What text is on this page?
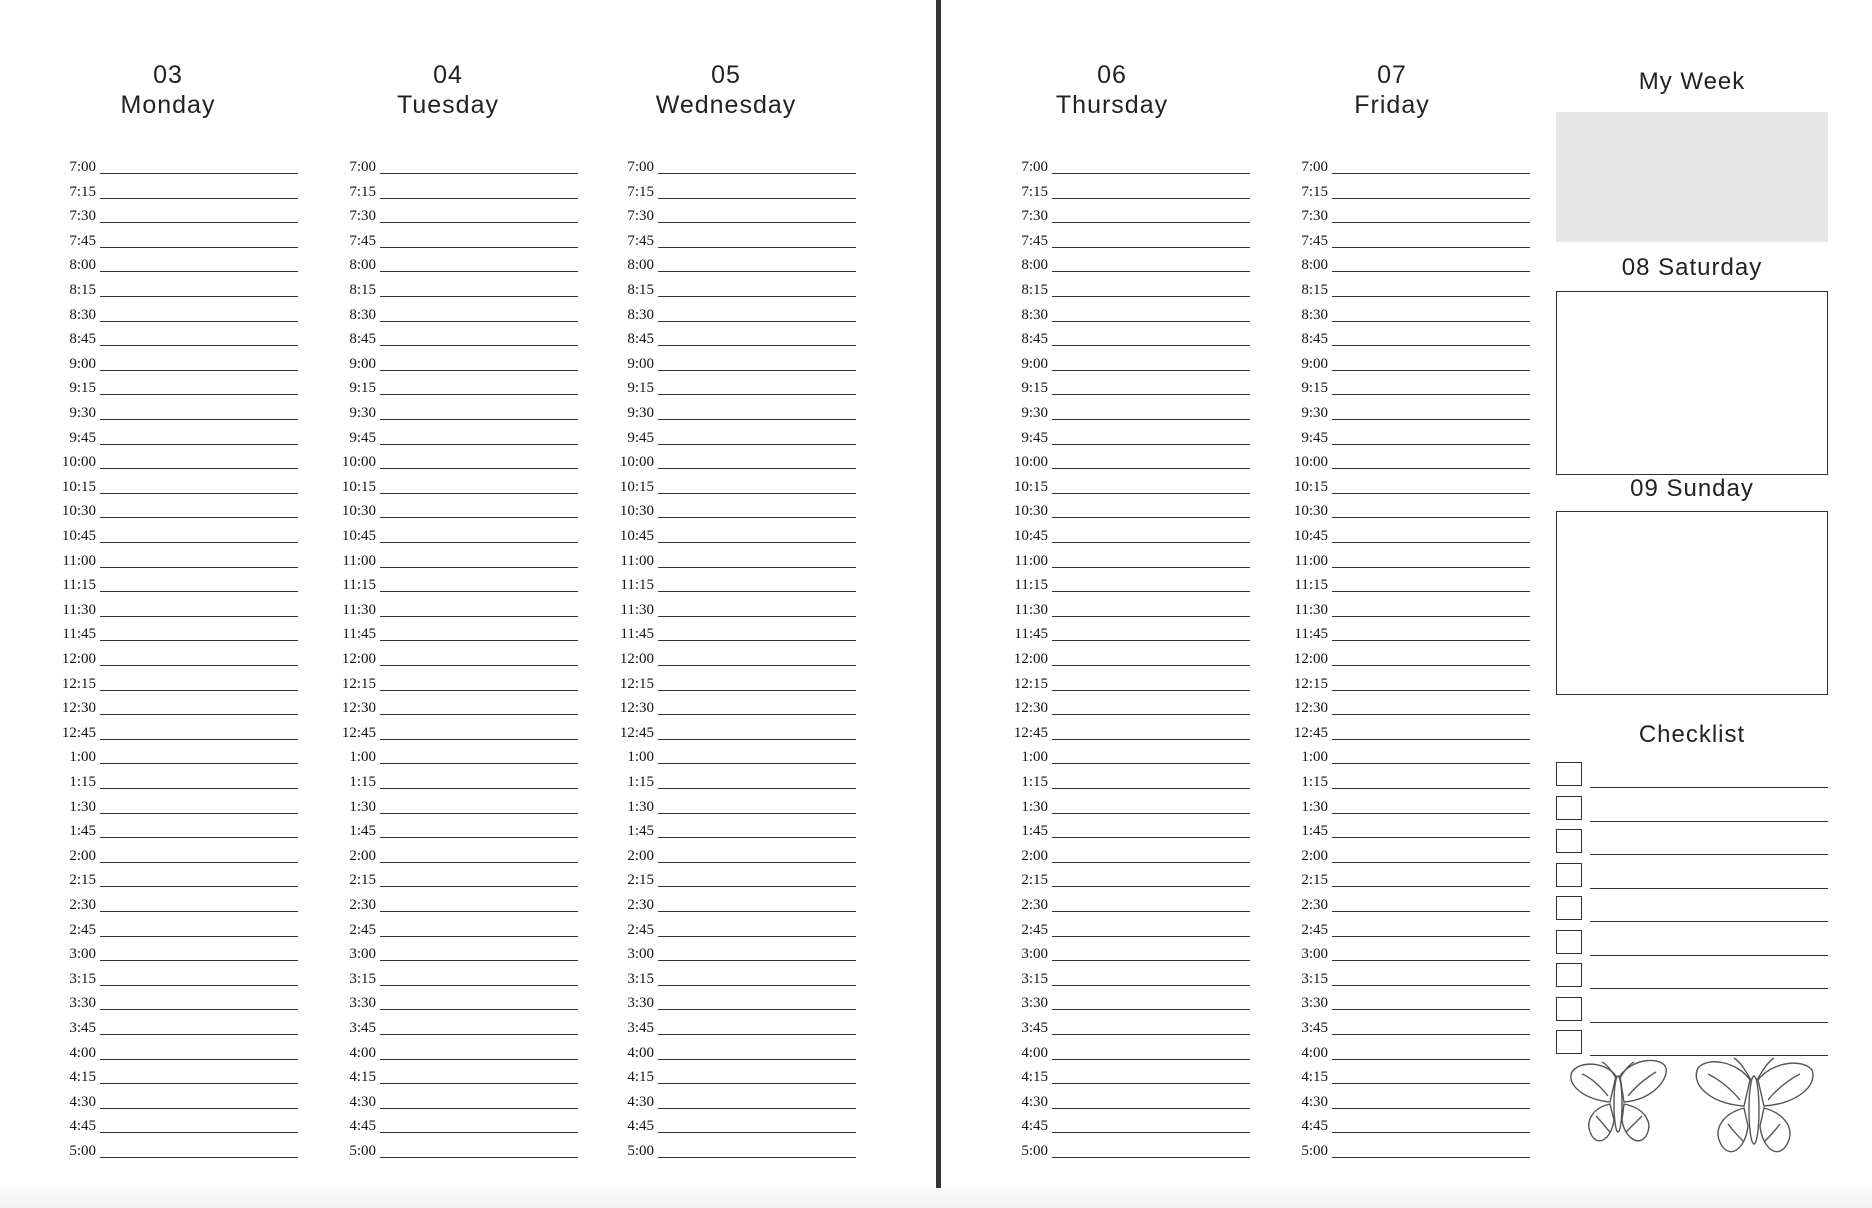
03
Monday
7:00
7:15
7:30
7:45
8:00
8:15
8:30
8:45
9:00
9:15
9:30
9:45
10:00
10:15
10:30
10:45
11:00
11:15
11:30
11:45
12:00
12:15
12:30
12:45
1:00
1:15
1:30
1:45
2:00
2:15
2:30
2:45
3:00
3:15
3:30
3:45
4:00
4:15
4:30
4:45
5:00
04
Tuesday
7:00
7:15
7:30
7:45
8:00
8:15
8:30
8:45
9:00
9:15
9:30
9:45
10:00
10:15
10:30
10:45
11:00
11:15
11:30
11:45
12:00
12:15
12:30
12:45
1:00
1:15
1:30
1:45
2:00
2:15
2:30
2:45
3:00
3:15
3:30
3:45
4:00
4:15
4:30
4:45
5:00
05
Wednesday
7:00
7:15
7:30
7:45
8:00
8:15
8:30
8:45
9:00
9:15
9:30
9:45
10:00
10:15
10:30
10:45
11:00
11:15
11:30
11:45
12:00
12:15
12:30
12:45
1:00
1:15
1:30
1:45
2:00
2:15
2:30
2:45
3:00
3:15
3:30
3:45
4:00
4:15
4:30
4:45
5:00
06
Thursday
7:00
7:15
7:30
7:45
8:00
8:15
8:30
8:45
9:00
9:15
9:30
9:45
10:00
10:15
10:30
10:45
11:00
11:15
11:30
11:45
12:00
12:15
12:30
12:45
1:00
1:15
1:30
1:45
2:00
2:15
2:30
2:45
3:00
3:15
3:30
3:45
4:00
4:15
4:30
4:45
5:00
07
Friday
7:00
7:15
7:30
7:45
8:00
8:15
8:30
8:45
9:00
9:15
9:30
9:45
10:00
10:15
10:30
10:45
11:00
11:15
11:30
11:45
12:00
12:15
12:30
12:45
1:00
1:15
1:30
1:45
2:00
2:15
2:30
2:45
3:00
3:15
3:30
3:45
4:00
4:15
4:30
4:45
5:00
My Week
08 Saturday
09 Sunday
Checklist
